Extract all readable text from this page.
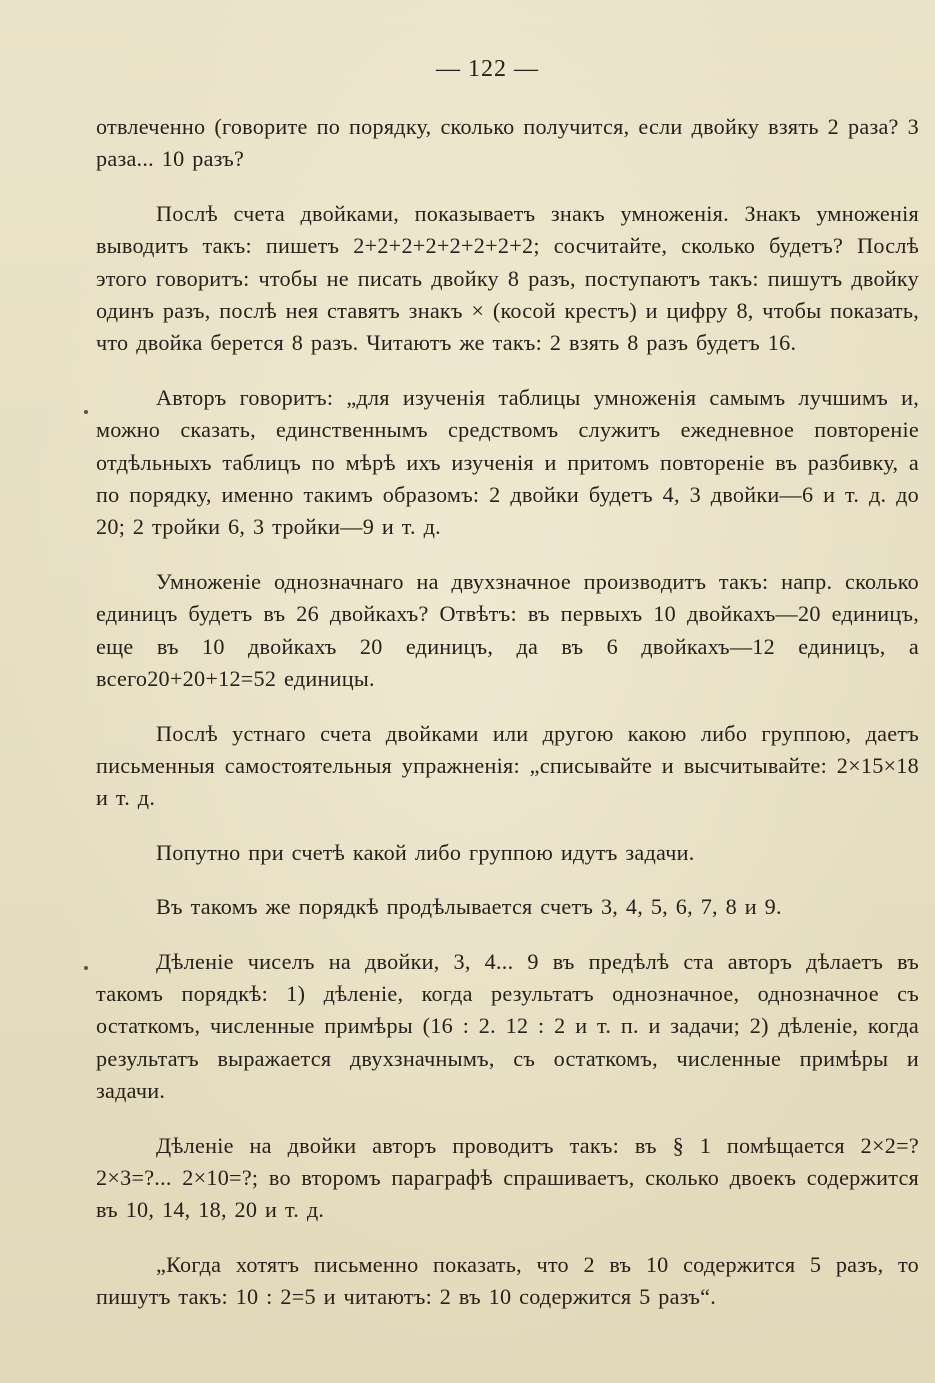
— 122 —

отвлеченно (говорите по порядку, сколько получится, если двойку взять 2 раза? 3 раза... 10 разъ?

Послѣ счета двойками, показываетъ знакъ умноженія. Знакъ умноженія выводитъ такъ: пишетъ 2+2+2+2+2+2+2+2; сосчитайте, сколько будетъ? Послѣ этого говоритъ: чтобы не писать двойку 8 разъ, поступаютъ такъ: пишутъ двойку одинъ разъ, послѣ нея ставятъ знакъ × (косой крестъ) и цифру 8, чтобы показать, что двойка берется 8 разъ. Читаютъ же такъ: 2 взять 8 разъ будетъ 16.

Авторъ говоритъ: „для изученія таблицы умноженія самымъ лучшимъ и, можно сказать, единственнымъ средствомъ служитъ ежедневное повтореніе отдѣльныхъ таблицъ по мѣрѣ ихъ изученія и притомъ повтореніе въ разбивку, а по порядку, именно такимъ образомъ: 2 двойки будетъ 4, 3 двойки—6 и т. д. до 20; 2 тройки 6, 3 тройки—9 и т. д.

Умноженіе однозначнаго на двухзначное производитъ такъ: напр. сколько единицъ будетъ въ 26 двойкахъ? Отвѣтъ: въ первыхъ 10 двойкахъ—20 единицъ, еще въ 10 двойкахъ 20 единицъ, да въ 6 двойкахъ—12 единицъ, а всего20+20+12=52 единицы.

Послѣ устнаго счета двойками или другою какою либо группою, даетъ письменныя самостоятельныя упражненія: „списывайте и высчитывайте: 2×15×18 и т. д.

Попутно при счетѣ какой либо группою идутъ задачи.

Въ такомъ же порядкѣ продѣлывается счетъ 3, 4, 5, 6, 7, 8 и 9.

Дѣленіе чиселъ на двойки, 3, 4... 9 въ предѣлѣ ста авторъ дѣлаетъ въ такомъ порядкѣ: 1) дѣленіе, когда результатъ однозначное, однозначное съ остаткомъ, численные примѣры (16 : 2. 12 : 2 и т. п. и задачи; 2) дѣленіе, когда результатъ выражается двухзначнымъ, съ остаткомъ, численные примѣры и задачи.

Дѣленіе на двойки авторъ проводитъ такъ: въ § 1 помѣщается 2×2=? 2×3=?... 2×10=?; во второмъ параграфѣ спрашиваетъ, сколько двоекъ содержится въ 10, 14, 18, 20 и т. д.

„Когда хотятъ письменно показать, что 2 въ 10 содержится 5 разъ, то пишутъ такъ: 10 : 2=5 и читаютъ: 2 въ 10 содержится 5 разъ“.
